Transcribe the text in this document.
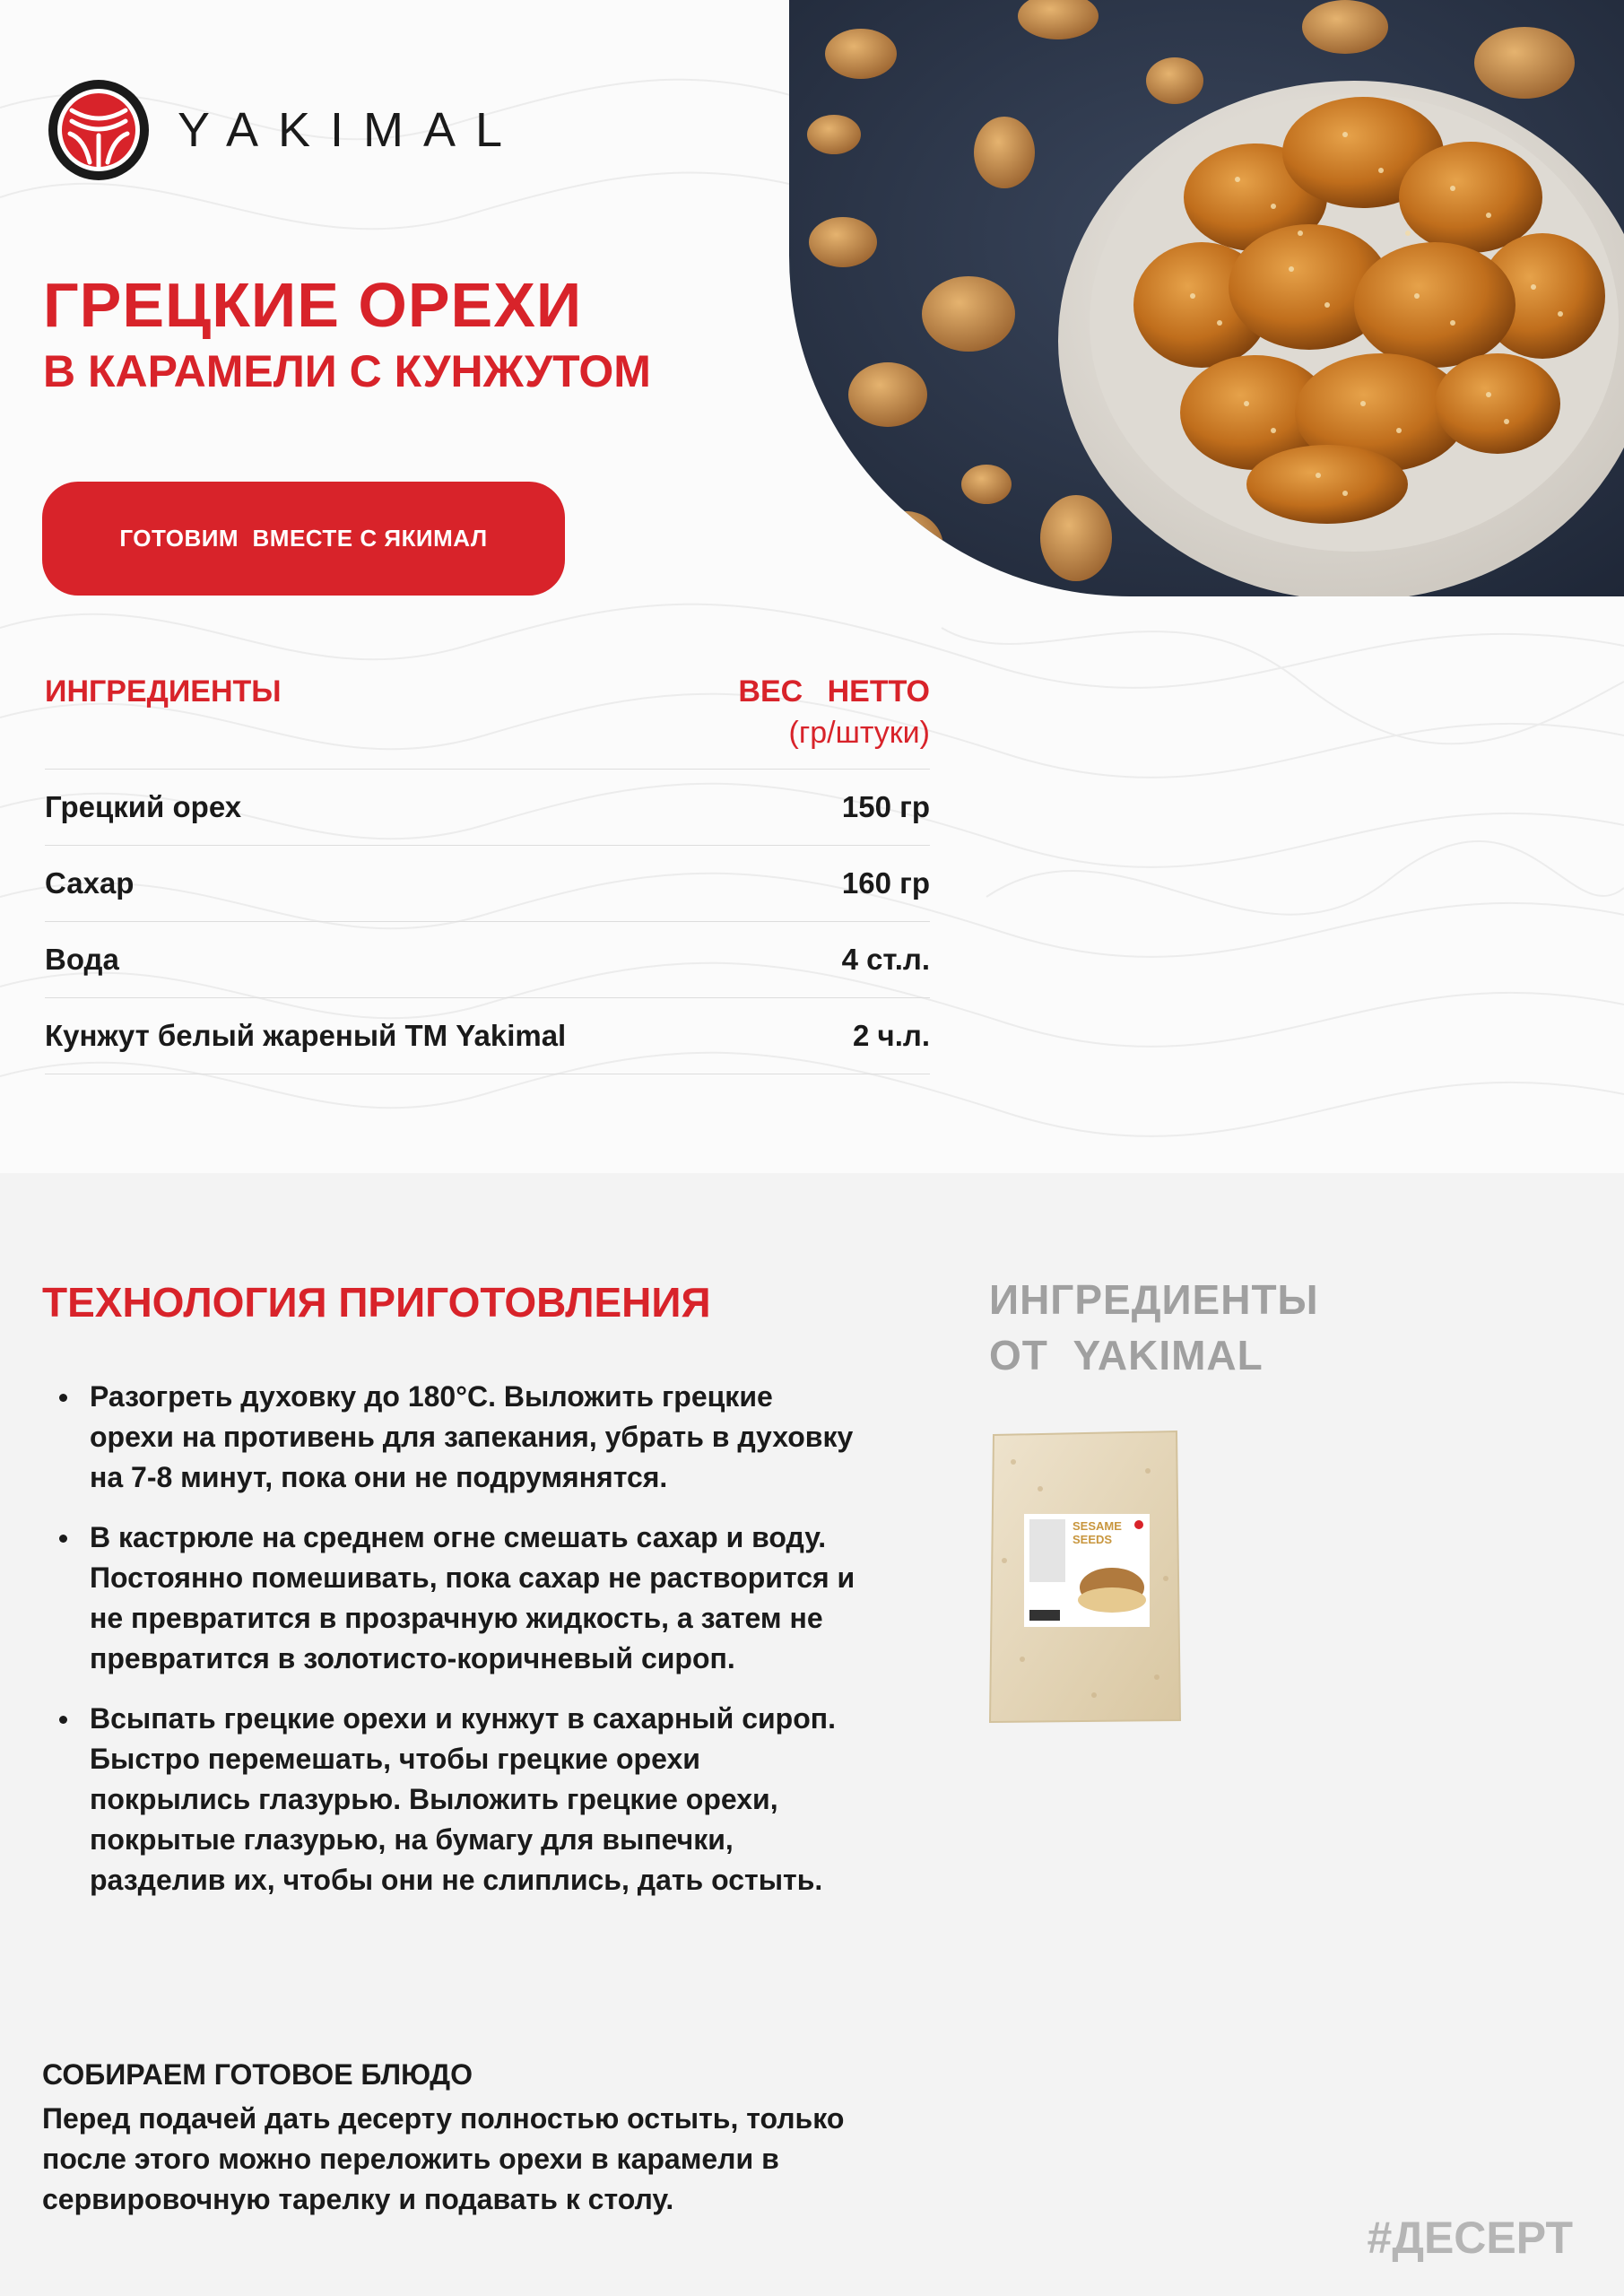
YAKIMAL
ГРЕЦКИЕ ОРЕХИ
В КАРАМЕЛИ С КУНЖУТОМ
ГОТОВИМ  ВМЕСТЕ С ЯКИМАЛ
ИНГРЕДИЕНТЫ	ВЕС НЕТТО
(гр/штуки)
Грецкий орех	150 гр
Сахар	160 гр
Вода	4 ст.л.
Кунжут белый жареный ТМ Yakimal	2 ч.л.
ТЕХНОЛОГИЯ ПРИГОТОВЛЕНИЯ
Разогреть духовку до 180°С. Выложить грецкие орехи на противень для запекания, убрать в духовку на 7-8 минут, пока они не подрумянятся.
В кастрюле на среднем огне смешать сахар и воду. Постоянно помешивать, пока сахар не растворится и не превратится в прозрачную жидкость, а затем не превратится в золотисто-коричневый сироп.
Всыпать грецкие орехи и кунжут в сахарный сироп. Быстро перемешать, чтобы грецкие орехи покрылись глазурью. Выложить грецкие орехи, покрытые глазурью, на бумагу для выпечки, разделив их, чтобы они не слиплись, дать остыть.
СОБИРАЕМ ГОТОВОЕ БЛЮДО
Перед подачей дать десерту полностью остыть, только после этого можно переложить орехи в карамели в сервировочную тарелку и подавать к столу.
ИНГРЕДИЕНТЫ
ОТ  YAKIMAL
SESAME
SEEDS
#ДЕСЕРТ
